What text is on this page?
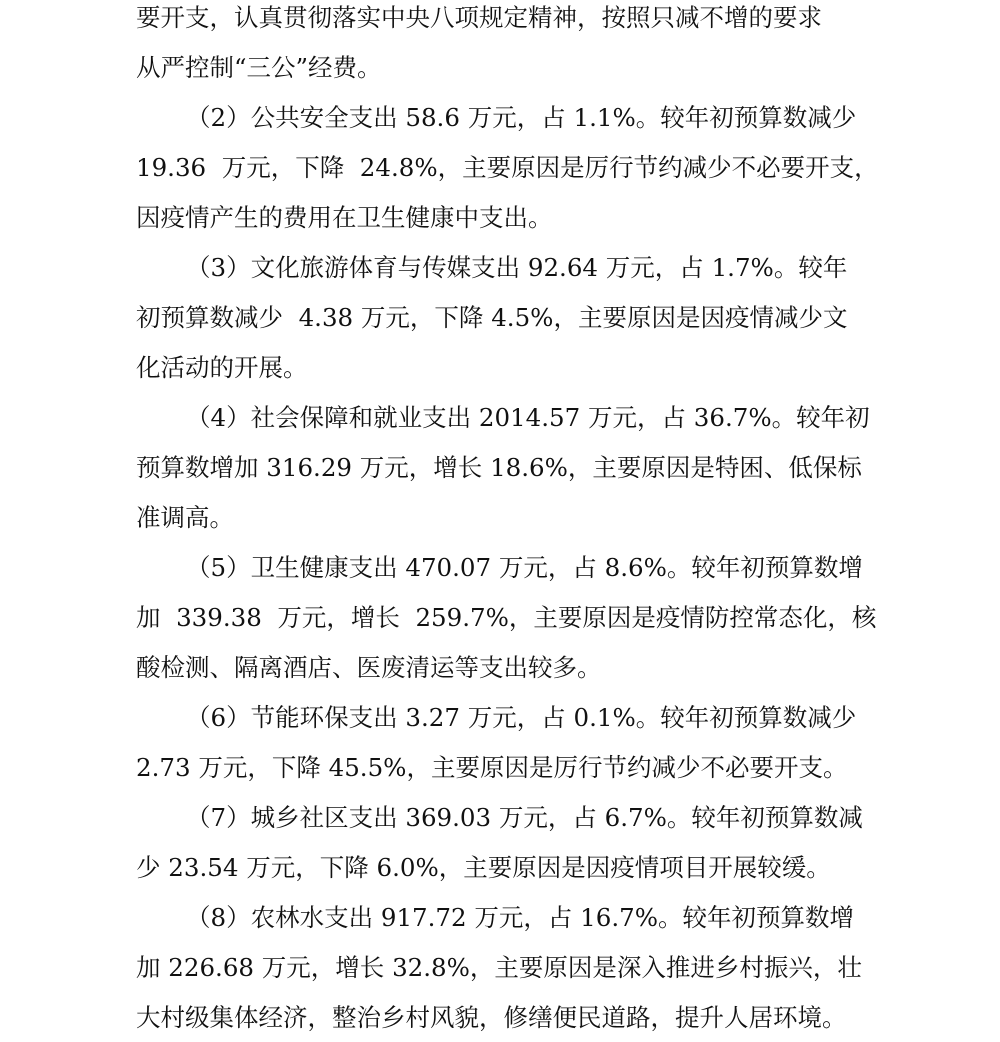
要开支，认真贯彻落实中央八项规定精神，按照只减不增的要求
从严控制“三公”经费。
（2）公共安全支出 58.6 万元，占 1.1%。较年初预算数减少
19.36  万元，下降  24.8%，主要原因是厉行节约减少不必要开支，
因疫情产生的费用在卫生健康中支出。
（3）文化旅游体育与传媒支出 92.64 万元，占 1.7%。较年
初预算数减少  4.38 万元，下降 4.5%，主要原因是因疫情减少文
化活动的开展。
（4）社会保障和就业支出 2014.57 万元，占 36.7%。较年初
预算数增加 316.29 万元，增长 18.6%，主要原因是特困、低保标
准调高。
（5）卫生健康支出 470.07 万元，占 8.6%。较年初预算数增
加  339.38  万元，增长  259.7%，主要原因是疫情防控常态化，核
酸检测、隔离酒店、医废清运等支出较多。
（6）节能环保支出 3.27 万元，占 0.1%。较年初预算数减少
2.73 万元，下降 45.5%，主要原因是厉行节约减少不必要开支。
（7）城乡社区支出 369.03 万元，占 6.7%。较年初预算数减
少 23.54 万元，下降 6.0%，主要原因是因疫情项目开展较缓。
（8）农林水支出 917.72 万元，占 16.7%。较年初预算数增
加 226.68 万元，增长 32.8%，主要原因是深入推进乡村振兴，壮
大村级集体经济，整治乡村风貌，修缮便民道路，提升人居环境。
